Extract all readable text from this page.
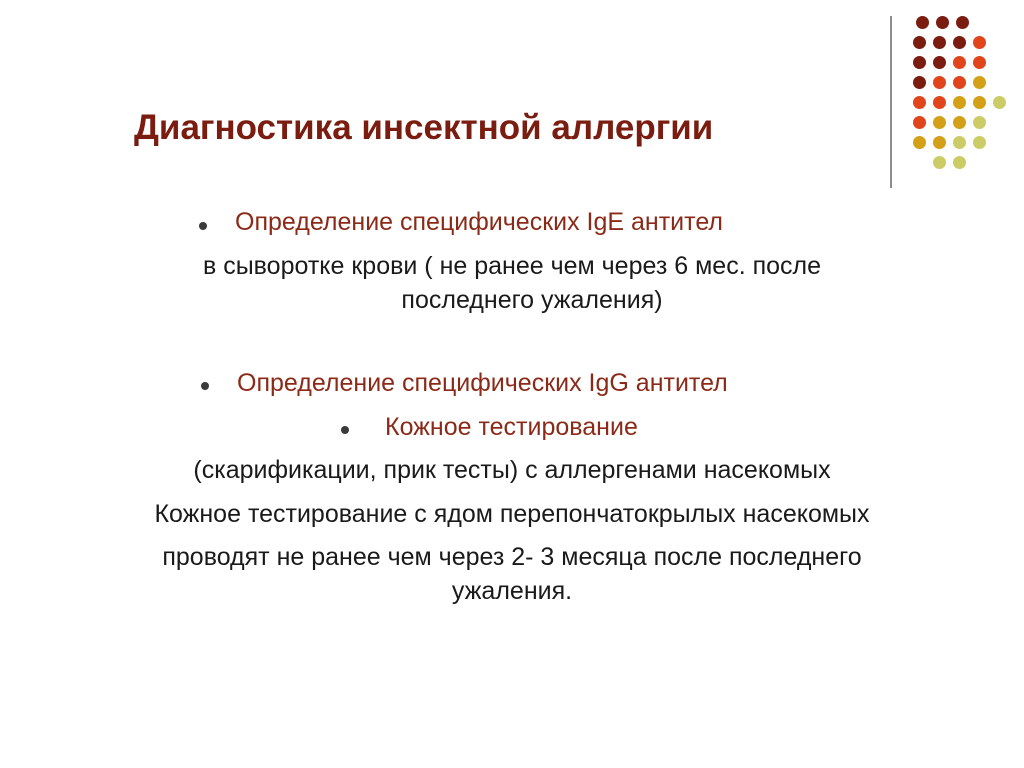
Диагностика инсектной аллергии
Определение специфических IgE антител
в сыворотке крови ( не ранее чем через 6 мес. после
последнего ужаления)
Определение специфических IgG антител
Кожное тестирование
(скарификации, прик тесты) с аллергенами насекомых
Кожное тестирование с ядом перепончатокрылых насекомых
проводят не ранее чем через 2- 3 месяца после последнего
ужаления.
